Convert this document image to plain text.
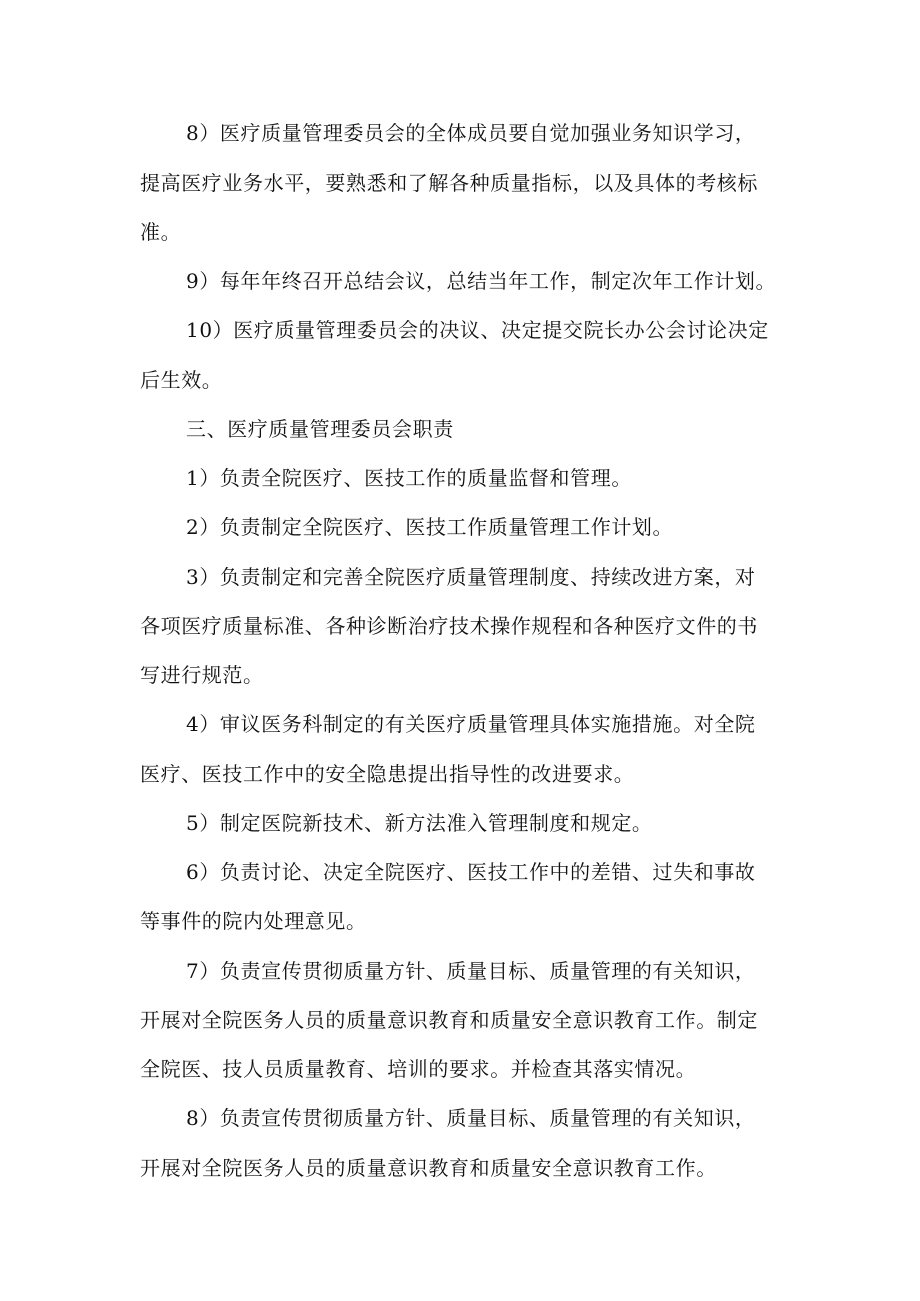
8）医疗质量管理委员会的全体成员要自觉加强业务知识学习，
提高医疗业务水平，要熟悉和了解各种质量指标，以及具体的考核标
准。
9）每年年终召开总结会议，总结当年工作，制定次年工作计划。
10）医疗质量管理委员会的决议、决定提交院长办公会讨论决定
后生效。
三、医疗质量管理委员会职责
1）负责全院医疗、医技工作的质量监督和管理。
2）负责制定全院医疗、医技工作质量管理工作计划。
3）负责制定和完善全院医疗质量管理制度、持续改进方案，对
各项医疗质量标准、各种诊断治疗技术操作规程和各种医疗文件的书
写进行规范。
4）审议医务科制定的有关医疗质量管理具体实施措施。对全院
医疗、医技工作中的安全隐患提出指导性的改进要求。
5）制定医院新技术、新方法准入管理制度和规定。
6）负责讨论、决定全院医疗、医技工作中的差错、过失和事故
等事件的院内处理意见。
7）负责宣传贯彻质量方针、质量目标、质量管理的有关知识，
开展对全院医务人员的质量意识教育和质量安全意识教育工作。制定
全院医、技人员质量教育、培训的要求。并检查其落实情况。
8）负责宣传贯彻质量方针、质量目标、质量管理的有关知识，
开展对全院医务人员的质量意识教育和质量安全意识教育工作。
